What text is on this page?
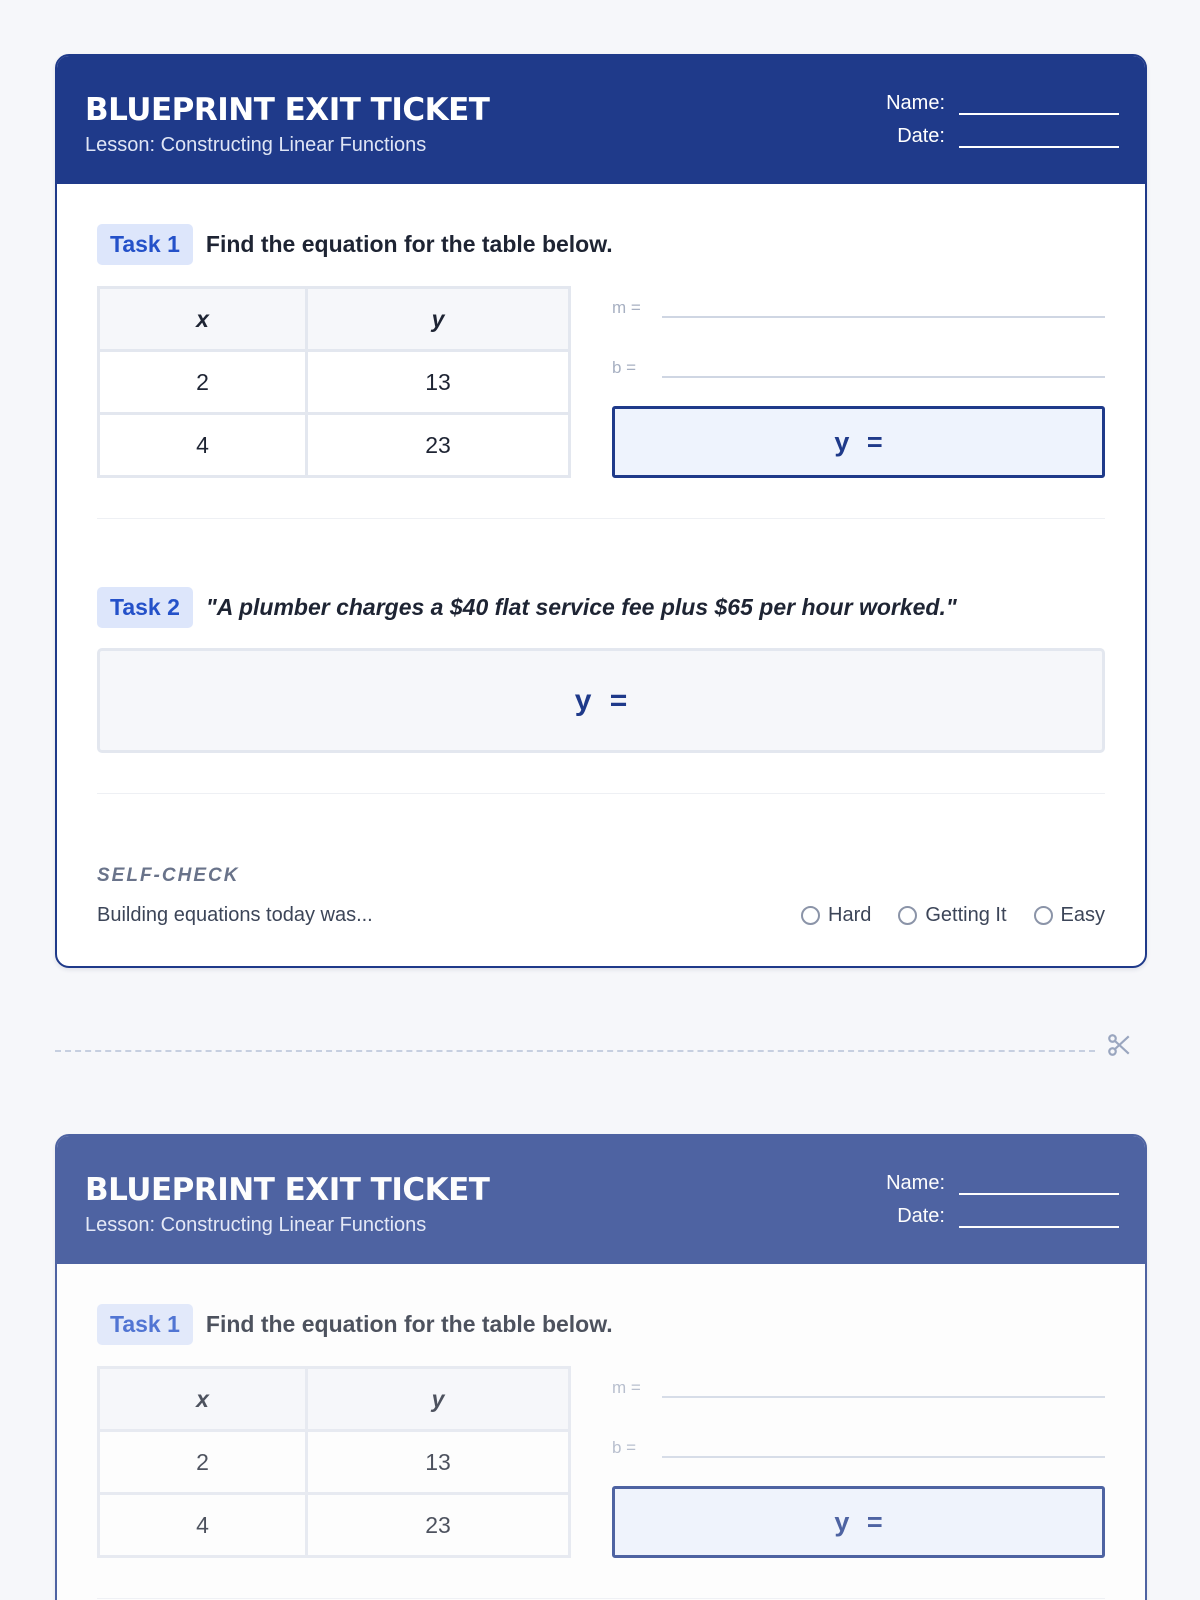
BLUEPRINT EXIT TICKET
Lesson: Constructing Linear Functions
Name:
Date:
Task 1	Find the equation for the table below.
x	y
2	13
4	23
m =
b =
y =
Task 2	"A plumber charges a $40 flat service fee plus $65 per hour worked."
y =
SELF-CHECK
Building equations today was...	Hard	Getting It	Easy
BLUEPRINT EXIT TICKET
Lesson: Constructing Linear Functions
Name:
Date:
Task 1	Find the equation for the table below.
x	y
2	13
4	23
m =
b =
y =
